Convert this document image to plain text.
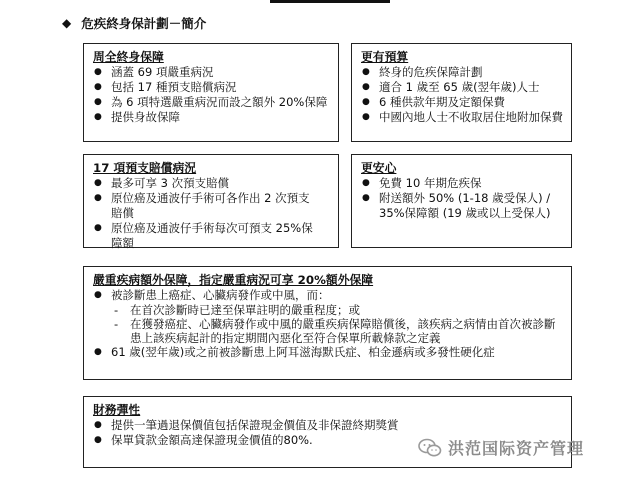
◆ 危疾終身保計劃－簡介
周全終身保障
● 涵蓋 69 項嚴重病況
● 包括 17 種預支賠償病況
● 為 6 項特選嚴重病況而設之額外 20%保障
● 提供身故保障
更有預算
● 終身的危疾保障計劃
● 適合 1 歲至 65 歲(翌年歲)人士
● 6 種供款年期及定額保費
● 中國內地人士不收取居住地附加保費
17 項預支賠償病況
● 最多可享 3 次預支賠償
● 原位癌及通波仔手術可各作出 2 次預支賠償
● 原位癌及通波仔手術每次可預支 25%保障額
更安心
● 免費 10 年期危疾保
● 附送額外 50% (1-18 歲受保人) / 35%保障額 (19 歲或以上受保人)
嚴重疾病額外保障，指定嚴重病況可享 20%額外保障
● 被診斷患上癌症、心臟病發作或中風，而：
- 在首次診斷時已達至保單註明的嚴重程度；或
- 在獲發癌症、心臟病發作或中風的嚴重疾病保障賠償後，該疾病之病情由首次被診斷患上該疾病起計的指定期間內惡化至符合保單所載條款之定義
● 61 歲(翌年歲)或之前被診斷患上阿耳滋海默氏症、柏金遜病或多發性硬化症
財務彈性
● 提供一筆過退保價值包括保證現金價值及非保證終期獎賞
● 保單貸款金額高達保證現金價值的80%.	洪范国际资产管理
